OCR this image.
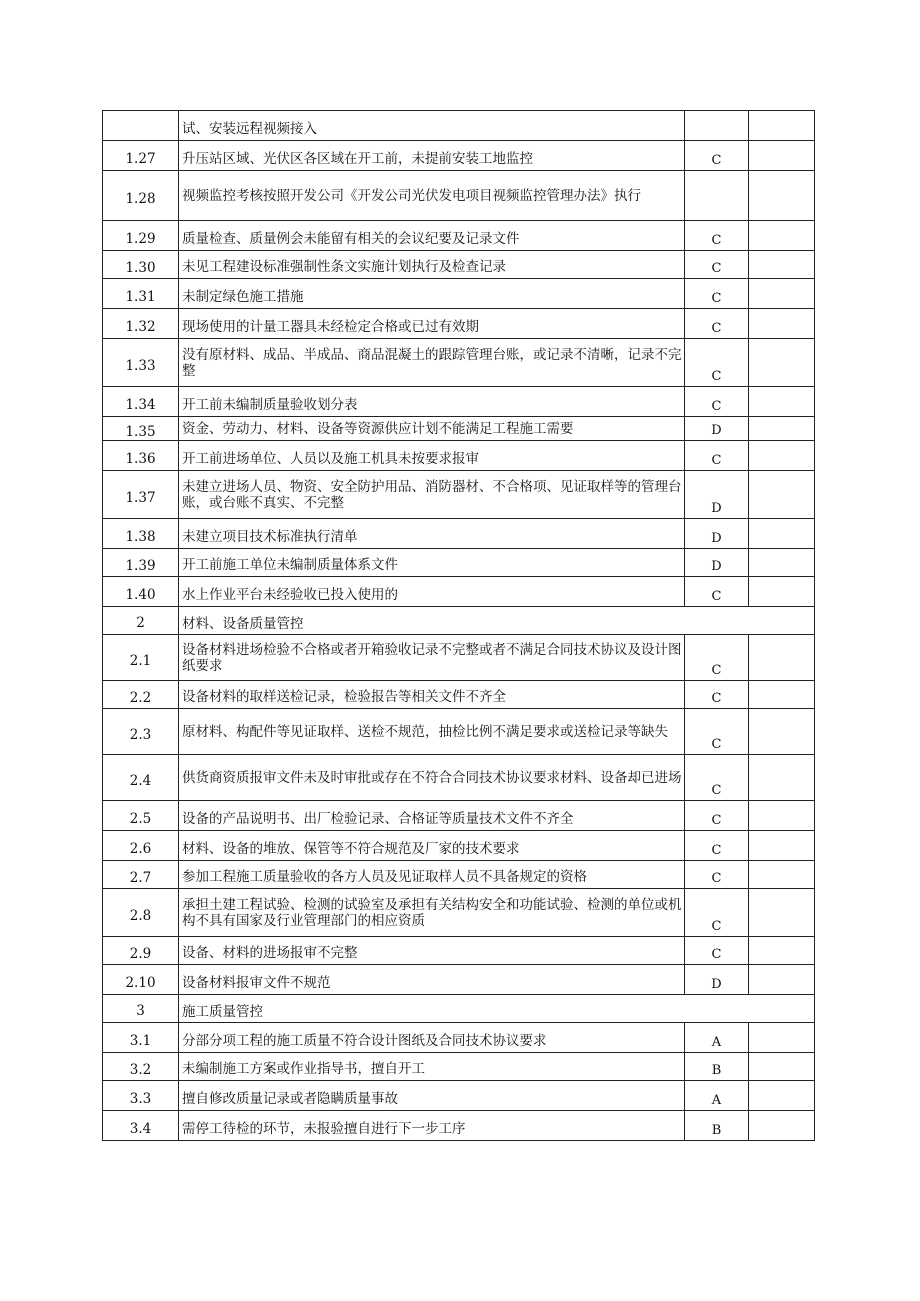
	试、安装远程视频接入		
1.27	升压站区域、光伏区各区域在开工前，未提前安装工地监控	C	
1.28	视频监控考核按照开发公司《开发公司光伏发电项目视频监控管理办法》执行		
1.29	质量检查、质量例会未能留有相关的会议纪要及记录文件	C	
1.30	未见工程建设标准强制性条文实施计划执行及检查记录	C	
1.31	未制定绿色施工措施	C	
1.32	现场使用的计量工器具未经检定合格或已过有效期	C	
1.33	没有原材料、成品、半成品、商品混凝土的跟踪管理台账，或记录不清晰，记录不完整	C	
1.34	开工前未编制质量验收划分表	C	
1.35	资金、劳动力、材料、设备等资源供应计划不能满足工程施工需要	D	
1.36	开工前进场单位、人员以及施工机具未按要求报审	C	
1.37	未建立进场人员、物资、安全防护用品、消防器材、不合格项、见证取样等的管理台账，或台账不真实、不完整	D	
1.38	未建立项目技术标准执行清单	D	
1.39	开工前施工单位未编制质量体系文件	D	
1.40	水上作业平台未经验收已投入使用的	C	
2	材料、设备质量管控		
2.1	设备材料进场检验不合格或者开箱验收记录不完整或者不满足合同技术协议及设计图纸要求	C	
2.2	设备材料的取样送检记录，检验报告等相关文件不齐全	C	
2.3	原材料、构配件等见证取样、送检不规范，抽检比例不满足要求或送检记录等缺失	C	
2.4	供货商资质报审文件未及时审批或存在不符合合同技术协议要求材料、设备却已进场	C	
2.5	设备的产品说明书、出厂检验记录、合格证等质量技术文件不齐全	C	
2.6	材料、设备的堆放、保管等不符合规范及厂家的技术要求	C	
2.7	参加工程施工质量验收的各方人员及见证取样人员不具备规定的资格	C	
2.8	承担土建工程试验、检测的试验室及承担有关结构安全和功能试验、检测的单位或机构不具有国家及行业管理部门的相应资质	C	
2.9	设备、材料的进场报审不完整	C	
2.10	设备材料报审文件不规范	D	
3	施工质量管控		
3.1	分部分项工程的施工质量不符合设计图纸及合同技术协议要求	A	
3.2	未编制施工方案或作业指导书，擅自开工	B	
3.3	擅自修改质量记录或者隐瞒质量事故	A	
3.4	需停工待检的环节，未报验擅自进行下一步工序	B	
